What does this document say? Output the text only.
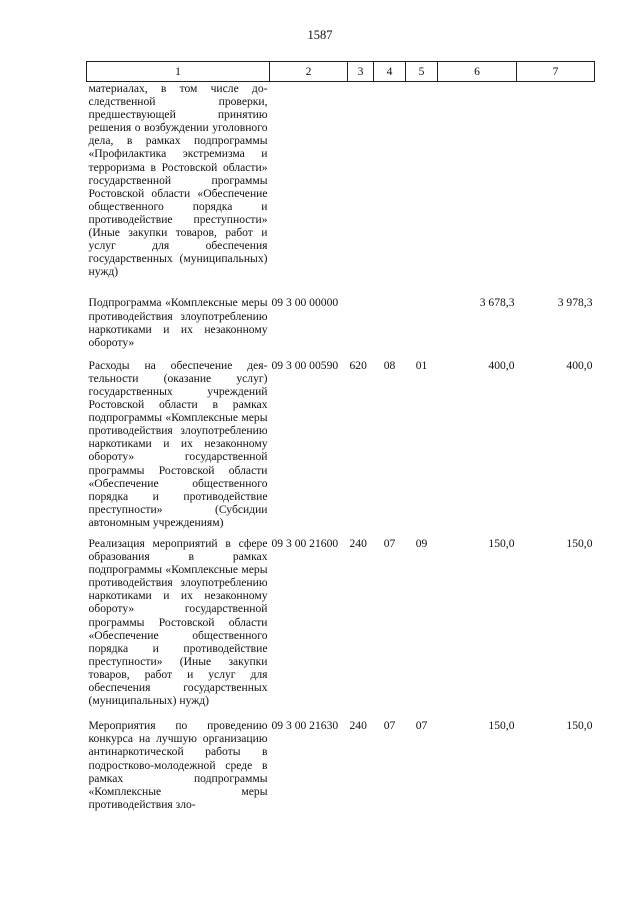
1587
1	2	3	4	5	6	7
материалах, в том числе доследственной проверки, предшествующей принятию решения о возбуждении уголовного дела, в рамках подпрограммы «Профилактика экстремизма и терроризма в Ростовской области» государственной программы Ростовской области «Обеспечение общественного порядка и противодействие преступности» (Иные закупки товаров, работ и услуг для обеспечения государственных (муниципальных) нужд)						
Подпрограмма «Комплексные меры противодействия злоупотреблению наркотиками и их незаконному обороту»	09 3 00 00000				3 678,3	3 978,3
Расходы на обеспечение деятельности (оказание услуг) государственных учреждений Ростовской области в рамках подпрограммы «Комплексные меры противодействия злоупотреблению наркотиками и их незаконному обороту» государственной программы Ростовской области «Обеспечение общественного порядка и противодействие преступности» (Субсидии автономным учреждениям)	09 3 00 00590	620	08	01	400,0	400,0
Реализация мероприятий в сфере образования в рамках подпрограммы «Комплексные меры противодействия злоупотреблению наркотиками и их незаконному обороту» государственной программы Ростовской области «Обеспечение общественного порядка и противодействие преступности» (Иные закупки товаров, работ и услуг для обеспечения государственных (муниципальных) нужд)	09 3 00 21600	240	07	09	150,0	150,0
Мероприятия по проведению конкурса на лучшую организацию антинаркотической работы в подростково-молодежной среде в рамках подпрограммы «Комплексные меры противодействия зло-	09 3 00 21630	240	07	07	150,0	150,0
